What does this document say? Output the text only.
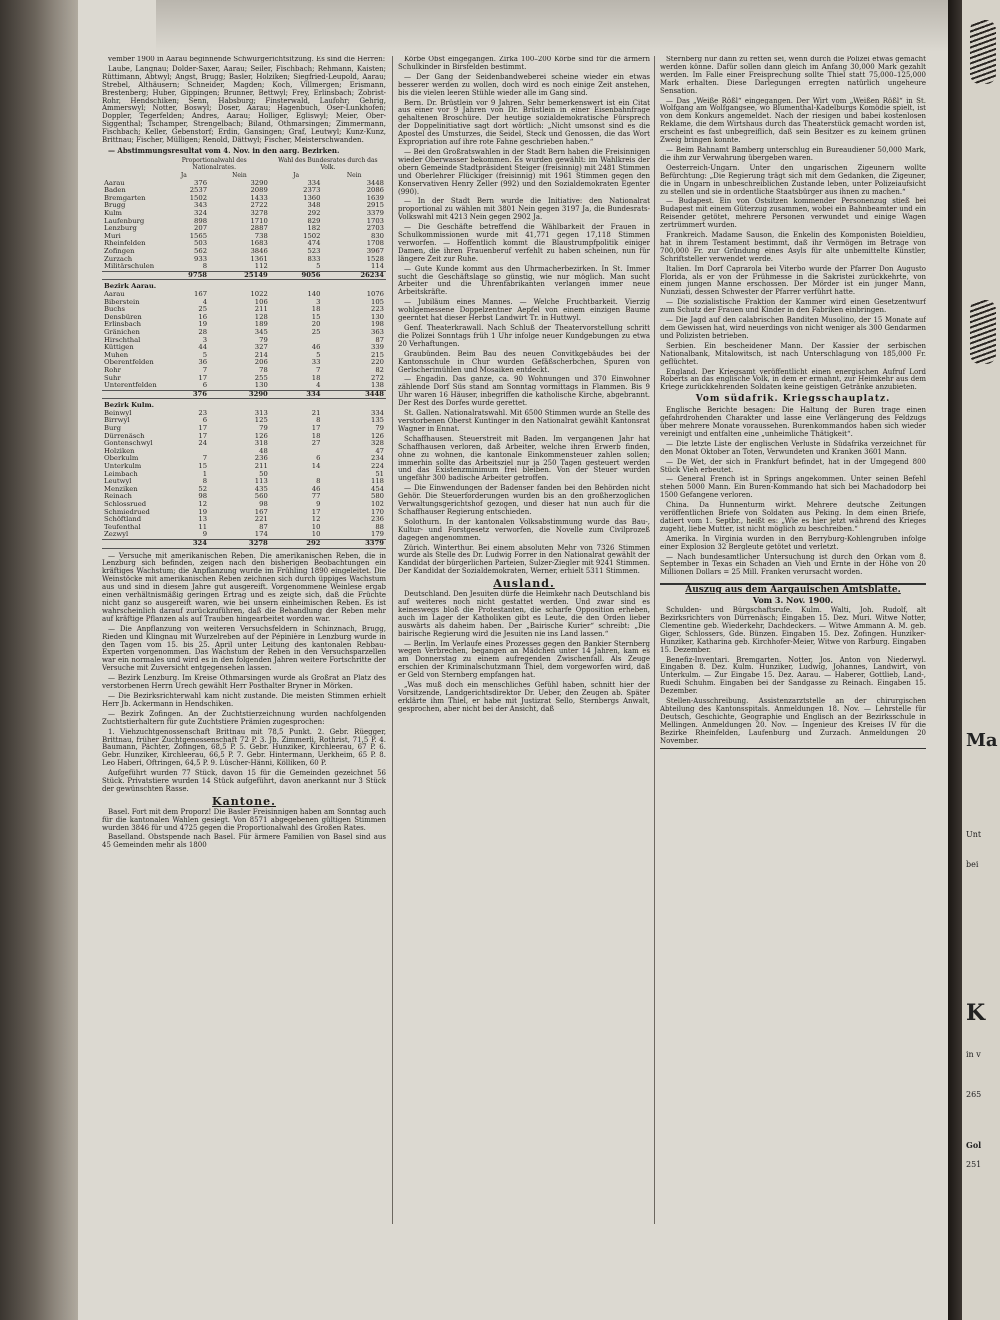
vember 1900 in Aarau beginnende Schwurgerichtsitzung. Es sind die Herren:

Laube, Langnau; Dolder-Saxer, Aarau; Seiler, Fischbach; Rehmann, Kaisten; Rüttimann, Abtwyl; Angst, Brugg; Basler, Holziken; Siegfried-Leupold, Aarau; Strebel, Althäusern; Schneider, Magden; Koch, Villmergen; Erismann, Brestenberg; Huber, Gippingen; Brunner, Bettwyl; Frey, Erlinsbach; Zobrist-Rohr, Hendschiken; Senn, Habsburg; Finsterwald, Laufohr; Gehrig, Ammerswyl; Notter, Boswyl; Doser, Aarau; Hagenbuch, Oser-Lunkhofen; Doppler, Tegerfelden; Andres, Aarau; Holliger, Egliswyl; Meier, Ober-Siggenthal; Tschamper, Strengelbach; Biland, Othmarsingen; Zimmermann, Fischbach; Keller, Gebenstorf; Erdin, Gansingen; Graf, Leutwyl; Kunz-Kunz, Brittnau; Fischer, Mülligen; Renold, Dättwyl; Fischer, Meisterschwanden.

— Abstimmungsresultat vom 4. Nov. in den aarg. Bezirken.

	Proportionalwahl des Nationalrates.		Wahl des Bundesrates durch das Volk.	
	Ja	Nein	Ja	Nein
Aarau	376	3290	334	3448
Baden	2537	2089	2373	2086
Bremgarten	1502	1433	1360	1639
Brugg	343	2722	348	2915
Kulm	324	3278	292	3379
Laufenburg	898	1710	829	1703
Lenzburg	207	2887	182	2703
Muri	1565	738	1502	830
Rheinfelden	503	1683	474	1708
Zofingen	562	3846	523	3967
Zurzach	933	1361	833	1528
Militärschulen	8	112	5	114
	9758	25149	9056	26234
Bezirk Aarau.				
Aarau	167	1022	140	1076
Biberstein	4	106	3	105
Buchs	25	211	18	223
Densbüren	16	128	15	130
Erlinsbach	19	189	20	198
Gränichen	28	345	25	363
Hirschthal	3	79		87
Küttigen	44	327	46	339
Muhen	5	214	5	215
Oberentfelden	36	206	33	220
Rohr	7	78	7	82
Suhr	17	255	18	272
Unterentfelden	6	130	4	138
	376	3290	334	3448
Bezirk Kulm.				
Beinwyl	23	313	21	334
Birrwyl	6	125	8	135
Burg	17	79	17	79
Dürrenäsch	17	126	18	126
Gontenschwyl	24	318	27	328
Holziken		48		47
Oberkulm	7	236	6	234
Unterkulm	15	211	14	224
Leimbach	1	50		51
Leutwyl	8	113	8	118
Menziken	52	435	46	454
Reinach	98	560	77	580
Schlossrued	12	98	9	102
Schmiedrued	19	167	17	170
Schöftland	13	221	12	236
Teufenthal	11	87	10	88
Zezwyl	9	174	10	179
	324	3278	292	3379

— Versuche mit amerikanischen Reben. Die amerikanischen Reben, die in Lenzburg sich befinden, zeigen nach den bisherigen Beobachtungen ein kräftiges Wachstum; die Anpflanzung wurde im Frühling 1890 eingeleitet. Die Weinstöcke mit amerikanischen Reben zeichnen sich durch üppiges Wachstum aus und sind in diesem Jahre gut ausgereift. Vorgenommene Weinlese ergab einen verhältnismäßig geringen Ertrag und es zeigte sich, daß die Früchte nicht ganz so ausgereift waren, wie bei unsern einheimischen Reben. Es ist wahrscheinlich darauf zurückzuführen, daß die Behandlung der Reben mehr auf kräftige Pflanzen als auf Trauben hingearbeitet worden war.

— Die Anpflanzung von weiteren Versuchsfeldern in Schinznach, Brugg, Rieden und Klingnau mit Wurzelreben auf der Pépinière in Lenzburg wurde in den Tagen vom 15. bis 25. April unter Leitung des kantonalen Rebbau-Experten vorgenommen. Das Wachstum der Reben in den Versuchsparzellen war ein normales und wird es in den folgenden Jahren weitere Fortschritte der Versuche mit Zuversicht entgegensehen lassen.

— Bezirk Lenzburg. Im Kreise Othmarsingen wurde als Großrat an Platz des verstorbenen Herrn Urech gewählt Herr Posthalter Bryner in Mörken.

— Die Bezirksrichterwahl kam nicht zustande. Die meisten Stimmen erhielt Herr Jb. Ackermann in Hendschiken.

— Bezirk Zofingen. An der Zuchtstierzeichnung wurden nachfolgenden Zuchtstierhaltern für gute Zuchtstiere Prämien zugesprochen:

1. Viehzuchtgenossenschaft Brittnau mit 78,5 Punkt. 2. Gebr. Rüegger, Brittnau, früher Zuchtgenossenschaft 72 P. 3. Jb. Zimmerli, Rothrist, 71,5 P. 4. Baumann, Pächter, Zofingen, 68,5 P. 5. Gebr. Hunziker, Kirchleerau, 67 P. 6. Gebr. Hunziker, Kirchleerau, 66,5 P. 7. Gebr. Hintermann, Uerkheim, 65 P. 8. Leo Haberi, Oftringen, 64,5 P. 9. Lüscher-Hänni, Kölliken, 60 P.

Aufgeführt wurden 77 Stück, davon 15 für die Gemeinden gezeichnet 56 Stück. Privatstiere wurden 14 Stück aufgeführt, davon anerkannt nur 3 Stück der gewünschten Rasse.

Kantone.

Basel. Fort mit dem Proporz! Die Basler Freisinnigen haben am Sonntag auch für die kantonalen Wahlen gesiegt. Von 8571 abgegebenen gültigen Stimmen wurden 3846 für und 4725 gegen die Proportionalwahl des Großen Rates.

Baselland. Obstspende nach Basel. Für ärmere Familien von Basel sind aus 45 Gemeinden mehr als 1800

Körbe Obst eingegangen. Zirka 100–200 Körbe sind für die ärmern Schulkinder in Birsfelden bestimmt.

— Der Gang der Seidenbandweberei scheine wieder ein etwas besserer werden zu wollen, doch wird es noch einige Zeit anstehen, bis die vielen leeren Stühle wieder alle im Gang sind.

Bern. Dr. Brüstlein vor 9 Jahren. Sehr bemerkenswert ist ein Citat aus einer vor 9 Jahren von Dr. Brüstlein in einer Eisenbahnfrage gehaltenen Broschüre. Der heutige sozialdemokratische Fürsprech der Doppelinitiative sagt dort wörtlich: „Nicht umsonst sind es die Apostel des Umsturzes, die Seidel, Steck und Genossen, die das Wort Expropriation auf ihre rote Fahne geschrieben haben.“

— Bei den Großratswahlen in der Stadt Bern haben die Freisinnigen wieder Oberwasser bekommen. Es wurden gewählt: im Wahlkreis der obern Gemeinde Stadtpräsident Steiger (freisinnig) mit 2481 Stimmen und Oberlehrer Flückiger (freisinnig) mit 1961 Stimmen gegen den Konservativen Henry Zeller (992) und den Sozialdemokraten Egenter (990).

— In der Stadt Bern wurde die Initiative: den Nationalrat proportional zu wählen mit 3801 Nein gegen 3197 Ja, die Bundesrats-Volkswahl mit 4213 Nein gegen 2902 Ja.

— Die Geschäfte betreffend die Wählbarkeit der Frauen in Schulkommissionen wurde mit 41,771 gegen 17,118 Stimmen verworfen. — Hoffentlich kommt die Blaustrumpfpolitik einiger Damen, die ihren Frauenberuf verfehlt zu haben scheinen, nun für längere Zeit zur Ruhe.

— Gute Kunde kommt aus den Uhrmacherbezirken. In St. Immer sucht die Geschäftslage so günstig, wie nur möglich. Man sucht Arbeiter und die Uhrenfabrikanten verlangen immer neue Arbeitskräfte.

— Jubiläum eines Mannes. — Welche Fruchtbarkeit. Vierzig wohlgemessene Doppelzentner Aepfel von einem einzigen Baume geerntet hat dieser Herbst Landwirt Tr. in Huttwyl.

Genf. Theaterkrawall. Nach Schluß der Theatervorstellung schritt die Polizei Sonntags früh 1 Uhr infolge neuer Kundgebungen zu etwa 20 Verhaftungen.

Graubünden. Beim Bau des neuen Convitkgebäudes bei der Kantonsschule in Chur wurden Gefäßscherbchen, Spuren von Gerlscherimühlen und Mosaiken entdeckt.

— Engadin. Das ganze, ca. 90 Wohnungen und 370 Einwohner zählende Dorf Süs stand am Sonntag vormittags in Flammen. Bis 9 Uhr waren 16 Häuser, inbegriffen die katholische Kirche, abgebrannt. Der Rest des Dorfes wurde gerettet.

St. Gallen. Nationalratswahl. Mit 6500 Stimmen wurde an Stelle des verstorbenen Oberst Kuntinger in den Nationalrat gewählt Kantonsrat Wagner in Ennat.

Schaffhausen. Steuerstreit mit Baden. Im vergangenen Jahr hat Schaffhausen verloren, daß Arbeiter, welche ihren Erwerb finden, ohne zu wohnen, die kantonale Einkommensteuer zahlen sollen; immerhin sollte das Arbeitsziel nur ja 250 Tagen gesteuert werden und das Existenzminimum frei bleiben. Von der Steuer wurden ungefähr 300 badische Arbeiter getroffen.

— Die Einwendungen der Badenser fanden bei den Behörden nicht Gehör. Die Steuerforderungen wurden bis an den großherzoglichen Verwaltungsgerichtshof gezogen, und dieser hat nun auch für die Schaffhauser Regierung entschieden.

Solothurn. In der kantonalen Volksabstimmung wurde das Bau-, Kultur- und Forstgesetz verworfen, die Novelle zum Civilprozeß dagegen angenommen.

Zürich. Winterthur. Bei einem absoluten Mehr von 7326 Stimmen wurde als Stelle des Dr. Ludwig Forrer in den Nationalrat gewählt der Kandidat der bürgerlichen Parteien, Sulzer-Ziegler mit 9241 Stimmen. Der Kandidat der Sozialdemokraten, Werner, erhielt 5311 Stimmen.

Ausland.

Deutschland. Den Jesuiten dürfe die Heimkehr nach Deutschland bis auf weiteres noch nicht gestattet werden. Und zwar sind es keineswegs bloß die Protestanten, die scharfe Opposition erheben, auch im Lager der Katholiken gibt es Leute, die den Orden lieber auswärts als daheim haben. Der „Bairische Kurier“ schreibt: „Die bairische Regierung wird die Jesuiten nie ins Land lassen.“

— Berlin. Im Verlaufe eines Prozesses gegen den Bankier Sternberg wegen Verbrechen, begangen an Mädchen unter 14 Jahren, kam es am Donnerstag zu einem aufregenden Zwischenfall. Als Zeuge erschien der Kriminalschutzmann Thiel, dem vorgeworfen wird, daß er Geld von Sternberg empfangen hat.

„Was muß doch ein menschliches Gefühl haben, schnitt hier der Vorsitzende, Landgerichtsdirektor Dr. Ueber, den Zeugen ab. Später erklärte ihm Thiel, er habe mit Justizrat Sello, Sternbergs Anwalt, gesprochen, aber nicht bei der Ansicht, daß

Sternberg nur dann zu retten sei, wenn durch die Polizei etwas gemacht werden könne. Dafür sollen dann gleich im Anfang 30,000 Mark gezahlt werden. Im Falle einer Freisprechung sollte Thiel statt 75,000–125,000 Mark erhalten. Diese Darlegungen erregten natürlich ungeheure Sensation.

— Das „Weiße Rößl“ eingegangen. Der Wirt vom „Weißen Rößl“ in St. Wolfgang am Wolfgangsee, wo Blumenthal-Kadelburgs Komödie spielt, ist von dem Konkurs angemeldet. Nach der riesigen und babei kostenlosen Reklame, die dem Wirtshaus durch das Theaterstück gemacht worden ist, erscheint es fast unbegreiflich, daß sein Besitzer es zu keinem grünen Zweig bringen konnte.

— Beim Bahnamt Bamberg unterschlug ein Bureaudiener 50,000 Mark, die ihm zur Verwahrung übergeben waren.

Oesterreich-Ungarn. Unter den ungarischen Zigeunern wollte Befürchtung: „Die Regierung trägt sich mit dem Gedanken, die Zigeuner, die in Ungarn in unbeschreiblichen Zustande leben, unter Polizeiaufsicht zu stellen und sie in ordentliche Staatsbürger aus ihnen zu machen.“

— Budapest. Ein von Ostsitzen kommender Personenzug stieß bei Budapest mit einem Güterzug zusammen, wobei ein Bahnbeamter und ein Reisender getötet, mehrere Personen verwundet und einige Wagen zertrümmert wurden.

Frankreich. Madame Sauson, die Enkelin des Komponisten Boieldieu, hat in ihrem Testament bestimmt, daß ihr Vermögen im Betrage von 700,000 Fr. zur Gründung eines Asyls für alte unbemittelte Künstler, Schriftsteller verwendet werde.

Italien. Im Dorf Caprarola bei Viterbo wurde der Pfarrer Don Augusto Florida, als er von der Frühmesse in die Sakristei zurückkehrte, von einem jungen Manne erschossen. Der Mörder ist ein junger Mann, Nunziati, dessen Schwester der Pfarrer verführt hatte.

— Die sozialistische Fraktion der Kammer wird einen Gesetzentwurf zum Schutz der Frauen und Kinder in den Fabriken einbringen.

— Die Jagd auf den calabrischen Banditen Musolino, der 15 Monate auf dem Gewissen hat, wird neuerdings von nicht weniger als 300 Gendarmen und Polizisten betrieben.

Serbien. Ein bescheidener Mann. Der Kassier der serbischen Nationalbank, Mitalowitsch, ist nach Unterschlagung von 185,000 Fr. geflüchtet.

England. Der Kriegsamt veröffentlicht einen energischen Aufruf Lord Roberts an das englische Volk, in dem er ermahnt, zur Heimkehr aus dem Kriege zurückkehrenden Soldaten keine geistigen Getränke anzubieten.

Vom südafrik. Kriegsschauplatz.

Englische Berichte besagen: Die Haltung der Buren trage einen gefahrdrohenden Charakter und lasse eine Verlängerung des Feldzugs über mehrere Monate voraussehen. Burenkommandos haben sich wieder vereinigt und entfalten eine „unheimliche Thätigkeit“.

— Die letzte Liste der englischen Verluste in Südafrika verzeichnet für den Monat Oktober an Toten, Verwundeten und Kranken 3601 Mann.

— De Wet, der sich in Frankfurt befindet, hat in der Umgegend 800 Stück Vieh erbeutet.

— General French ist in Springs angekommen. Unter seinen Befehl stehen 5000 Mann. Ein Buren-Kommando hat sich bei Machadodorp bei 1500 Gefangene verloren.

China. Da Hunnenturm wirkt. Mehrere deutsche Zeitungen veröffentlichen Briefe von Soldaten aus Peking. In dem einen Briefe, datiert vom 1. Septbr., heißt es: „Wie es hier jetzt während des Krieges zugeht, liebe Mutter, ist nicht möglich zu beschreiben.“

Amerika. In Virginia wurden in den Berryburg-Kohlengruben infolge einer Explosion 32 Bergleute getötet und verletzt.

— Nach bundesamtlicher Untersuchung ist durch den Orkan vom 8. September in Texas ein Schaden an Vieh und Ernte in der Höhe von 20 Millionen Dollars = 25 Mill. Franken verursacht worden.

Auszug aus dem Aargauischen Amtsblatte.
Vom 3. Nov. 1900.

Schulden- und Bürgschaftsrufe. Kulm. Walti, Joh. Rudolf, alt Bezirksrichters von Dürrenäsch; Eingaben 15. Dez. Muri. Witwe Notter, Clementine geb. Wiederkehr, Dachdeckers. — Witwe Ammann A. M. geb. Giger, Schlossers, Gde. Bünzen. Eingaben 15. Dez. Zofingen. Hunziker-Hunziker, Katharina geb. Kirchhofer-Meier, Witwe von Rarburg. Eingaben 15. Dezember.

Benefiz-Inventari. Bremgarten. Notter, Jos. Anton von Niederwyl. Eingaben 8. Dez. Kulm. Hunziker, Ludwig, Johannes, Landwirt, von Unterkulm. — Zur Eingabe 15. Dez. Aarau. — Haberer, Gottlieb, Land-, Ruedi Schuhm. Eingaben bei der Sandgasse zu Reinach. Eingaben 15. Dezember.

Stellen-Ausschreibung. Assistenzarztstelle an der chirurgischen Abteilung des Kantonsspitals. Anmeldungen 18. Nov. — Lehrstelle für Deutsch, Geschichte, Geographie und Englisch an der Bezirksschule in Mellingen. Anmeldungen 20. Nov. — Ingenieur des Kreises IV für die Bezirke Rheinfelden, Laufenburg und Zurzach. Anmeldungen 20 November.	Ma
Unt
bei
K
in v
265
Gol
251
